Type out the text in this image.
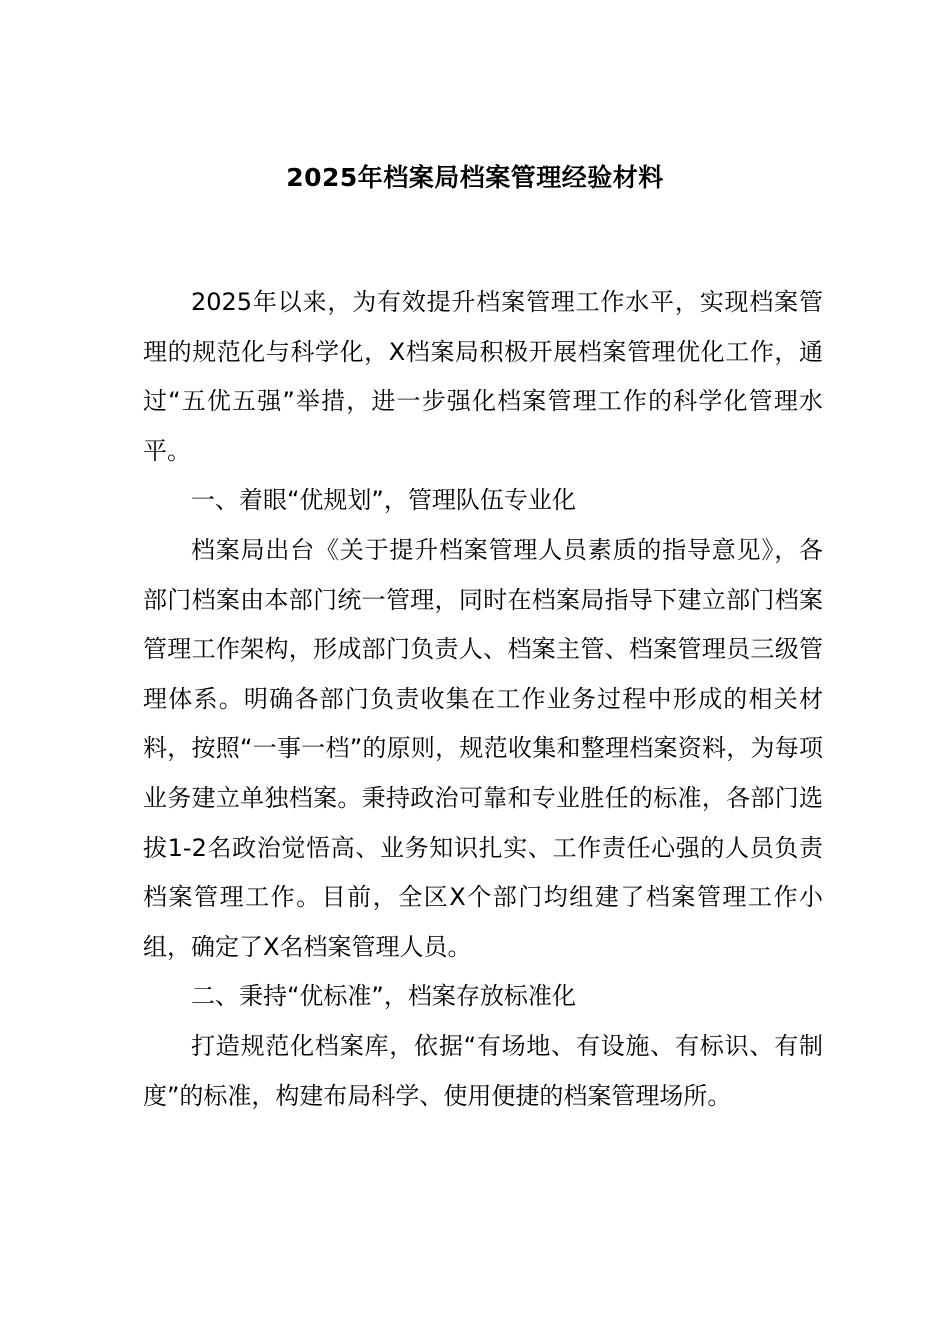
2025年档案局档案管理经验材料

2025年以来，为有效提升档案管理工作水平，实现档案管理的规范化与科学化，X档案局积极开展档案管理优化工作，通过“五优五强”举措，进一步强化档案管理工作的科学化管理水平。

一、着眼“优规划”，管理队伍专业化

档案局出台《关于提升档案管理人员素质的指导意见》，各部门档案由本部门统一管理，同时在档案局指导下建立部门档案管理工作架构，形成部门负责人、档案主管、档案管理员三级管理体系。明确各部门负责收集在工作业务过程中形成的相关材料，按照“一事一档”的原则，规范收集和整理档案资料，为每项业务建立单独档案。秉持政治可靠和专业胜任的标准，各部门选拔1-2名政治觉悟高、业务知识扎实、工作责任心强的人员负责档案管理工作。目前，全区X个部门均组建了档案管理工作小组，确定了X名档案管理人员。

二、秉持“优标准”，档案存放标准化

打造规范化档案库，依据“有场地、有设施、有标识、有制度”的标准，构建布局科学、使用便捷的档案管理场所。
